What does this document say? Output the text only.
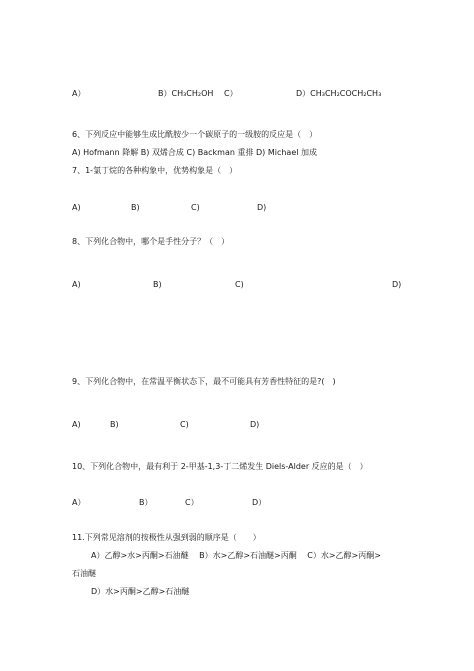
A）	B）CH₃CH₂OH C）	D）CH₃CH₂COCH₂CH₃
6、下列反应中能够生成比酰胺少一个碳原子的一级胺的反应是（　）
A) Hofmann 降解 B) 双烯合成 C) Backman 重排 D) Michael 加成
7、1-氯丁烷的各种构象中，优势构象是（　）
A)	B)	C)	D)
8、下列化合物中，哪个是手性分子？（　）
A)	B)	C)	D)
9、下列化合物中，在常温平衡状态下，最不可能具有芳香性特征的是?(　)
A)	B)	C)	D)
10、下列化合物中，最有利于 2-甲基-1,3-丁二烯发生 Diels-Alder 反应的是（　）
A）	B）	C）	D）
11.下列常见溶剂的按极性从强到弱的顺序是（　　）
A）乙醇>水>丙酮>石油醚　 B）水>乙醇>石油醚>丙酮　 C）水>乙醇>丙酮>
石油醚
D）水>丙酮>乙醇>石油醚
